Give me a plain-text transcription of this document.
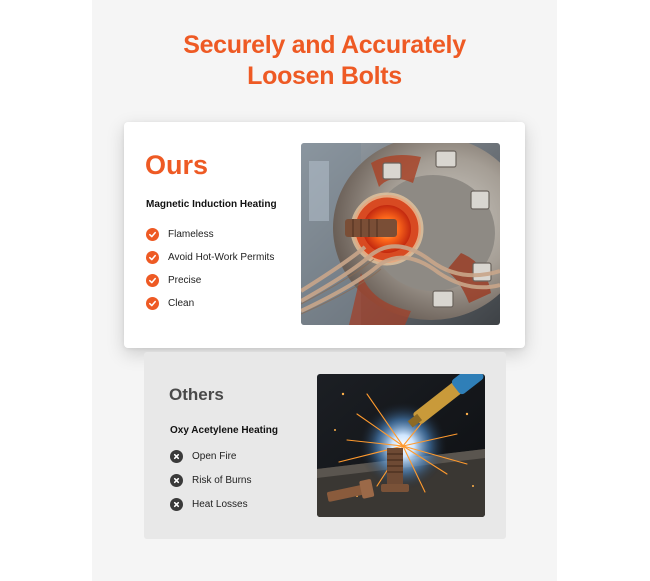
Securely and Accurately
Loosen Bolts
Ours
Magnetic Induction Heating
Flameless
Avoid Hot-Work Permits
Precise
Clean
Others
Oxy Acetylene Heating
Open Fire
Risk of Burns
Heat Losses
